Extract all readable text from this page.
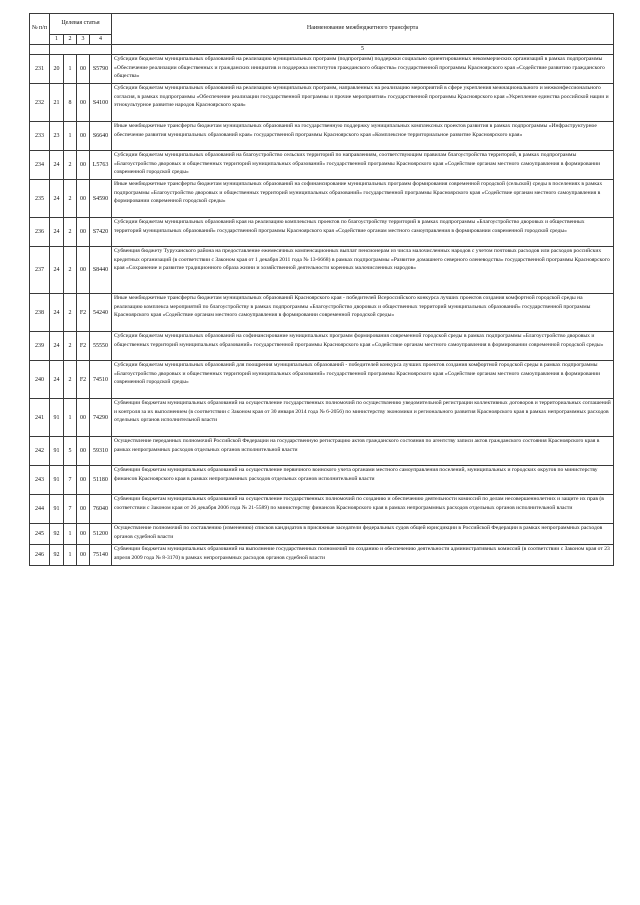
№ п/п	Целевая статья				Наименование межбюджетного трансферта
	1	2	3	4	
					5
231	20	1	00	S5790	Субсидии бюджетам муниципальных образований на реализацию муниципальных программ (подпрограмм) поддержки социально ориентированных некоммерческих организаций в рамках подпрограммы «Обеспечение реализации общественных и гражданских инициатив и поддержка институтов гражданского общества» государственной программы Красноярского края «Содействие развитию гражданского общества»
232	21	8	00	S4100	Субсидии бюджетам муниципальных образований на реализацию муниципальных программ, направленных на реализацию мероприятий в сфере укрепления межнационального и межконфессионального согласия, в рамках подпрограммы «Обеспечение реализации государственной программы и прочие мероприятия» государственной программы Красноярского края «Укрепление единства российской нации и этнокультурное развитие народов Красноярского края»
233	23	1	00	S6640	Иные межбюджетные трансферты бюджетам муниципальных образований на государственную поддержку муниципальных комплексных проектов развития в рамках подпрограммы «Инфраструктурное обеспечение развития муниципальных образований края» государственной программы Красноярского края «Комплексное территориальное развитие Красноярского края»
234	24	2	00	L5763	Субсидии бюджетам муниципальных образований на благоустройство сельских территорий по направлениям, соответствующим правилам благоустройства территорий, в рамках подпрограммы «Благоустройство дворовых и общественных территорий муниципальных образований» государственной программы Красноярского края «Содействие органам местного самоуправления в формировании современной городской среды»
235	24	2	00	S4590	Иные межбюджетные трансферты бюджетам муниципальных образований на софинансирование муниципальных программ формирования современной городской (сельской) среды в поселениях в рамках подпрограммы «Благоустройство дворовых и общественных территорий муниципальных образований» государственной программы Красноярского края «Содействие органам местного самоуправления в формировании современной городской среды»
236	24	2	00	S7420	Субсидии бюджетам муниципальных образований края на реализацию комплексных проектов по благоустройству территорий в рамках подпрограммы «Благоустройство дворовых и общественных территорий муниципальных образований» государственной программы Красноярского края «Содействие органам местного самоуправления в формировании современной городской среды»
237	24	2	00	S8440	Субвенция бюджету Туруханского района на предоставление ежемесячных компенсационных выплат пенсионерам из числа малочисленных народов с учетом почтовых расходов или расходов российских кредитных организаций (в соответствии с Законом края от 1 декабря 2011 года № 13-6668) в рамках подпрограммы «Развитие домашнего северного оленеводства» государственной программы Красноярского края «Сохранение и развитие традиционного образа жизни и хозяйственной деятельности коренных малочисленных народов»
238	24	2	F2	54240	Иные межбюджетные трансферты бюджетам муниципальных образований Красноярского края - победителей Всероссийского конкурса лучших проектов создания комфортной городской среды на реализацию комплекса мероприятий по благоустройству в рамках подпрограммы «Благоустройство дворовых и общественных территорий муниципальных образований» государственной программы Красноярского края «Содействие органам местного самоуправления в формировании современной городской среды»
239	24	2	F2	55550	Субсидии бюджетам муниципальных образований на софинансирование муниципальных программ формирования современной городской среды в рамках подпрограммы «Благоустройство дворовых и общественных территорий муниципальных образований» государственной программы Красноярского края «Содействие органам местного самоуправления в формировании современной городской среды»
240	24	2	F2	74510	Субсидии бюджетам муниципальных образований для поощрения муниципальных образований - победителей конкурса лучших проектов создания комфортной городской среды в рамках подпрограммы «Благоустройство дворовых и общественных территорий муниципальных образований» государственной программы Красноярского края «Содействие органам местного самоуправления в формировании современной городской среды»
241	91	1	00	74290	Субвенции бюджетам муниципальных образований на осуществление государственных полномочий по осуществлению уведомительной регистрации коллективных договоров и территориальных соглашений и контроля за их выполнением (в соответствии с Законом края от 30 января 2014 года № 6-2056) по министерству экономики и регионального развития Красноярского края в рамках непрограммных расходов отдельных органов исполнительной власти
242	91	5	00	59310	Осуществление переданных полномочий Российской Федерации на государственную регистрацию актов гражданского состояния по агентству записи актов гражданского состояния Красноярского края в рамках непрограммных расходов отдельных органов исполнительной власти
243	91	7	00	51180	Субвенции бюджетам муниципальных образований на осуществление первичного воинского учета органами местного самоуправления поселений, муниципальных и городских округов по министерству финансов Красноярского края в рамках непрограммных расходов отдельных органов исполнительной власти
244	91	7	00	76040	Субвенции бюджетам муниципальных образований на осуществление государственных полномочий по созданию и обеспечению деятельности комиссий по делам несовершеннолетних и защите их прав (в соответствии с Законом края от 26 декабря 2006 года № 21-5589) по министерству финансов Красноярского края в рамках непрограммных расходов отдельных органов исполнительной власти
245	92	1	00	51200	Осуществление полномочий по составлению (изменению) списков кандидатов в присяжные заседатели федеральных судов общей юрисдикции в Российской Федерации в рамках непрограммных расходов органов судебной власти
246	92	1	00	75140	Субвенции бюджетам муниципальных образований на выполнение государственных полномочий по созданию и обеспечению деятельности административных комиссий (в соответствии с Законом края от 23 апреля 2009 года № 8-3170) в рамках непрограммных расходов органов судебной власти
